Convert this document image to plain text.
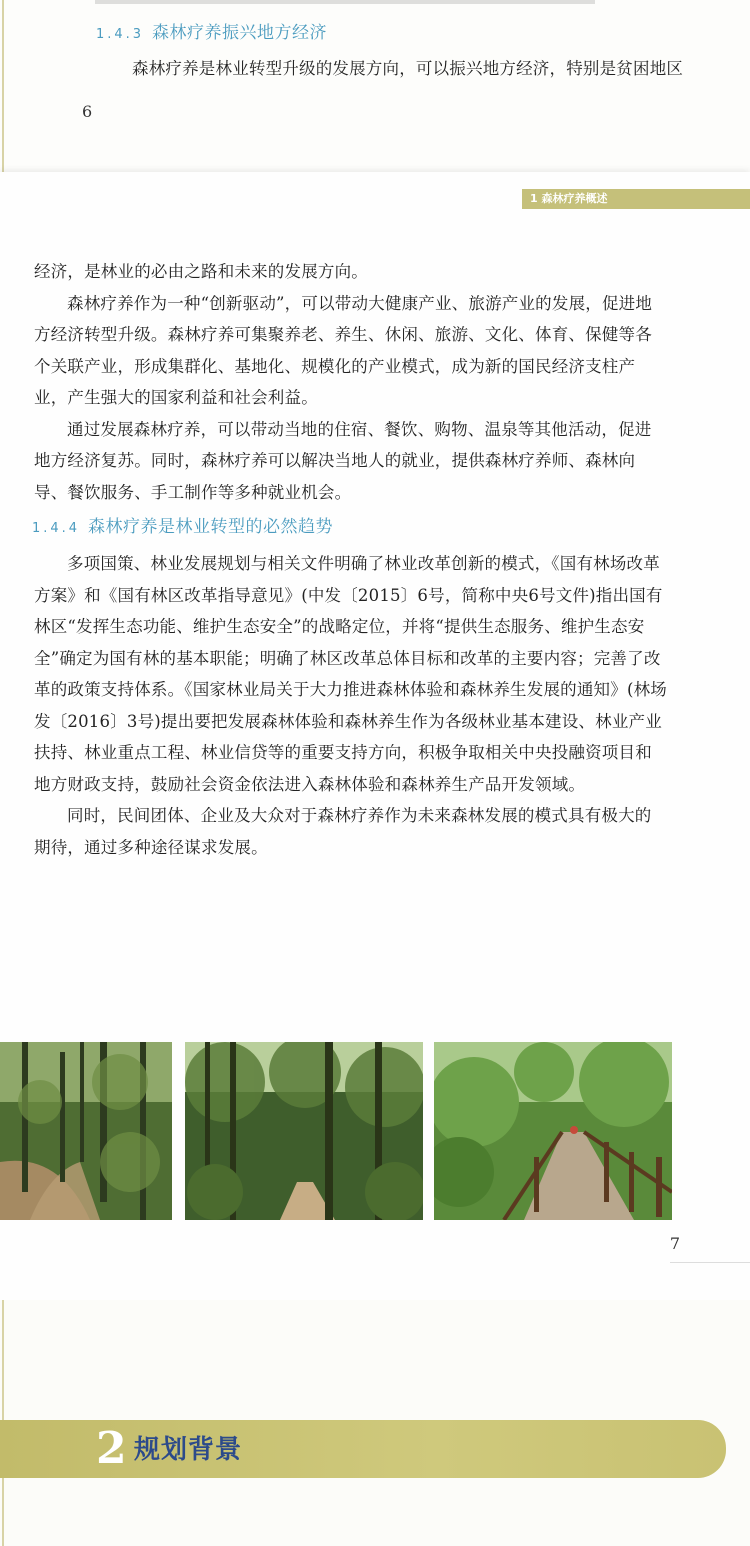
1.4.3 森林疗养振兴地方经济
森林疗养是林业转型升级的发展方向，可以振兴地方经济，特别是贫困地区
6
1 森林疗养概述

经济，是林业的必由之路和未来的发展方向。

森林疗养作为一种“创新驱动”，可以带动大健康产业、旅游产业的发展，促进地方经济转型升级。森林疗养可集聚养老、养生、休闲、旅游、文化、体育、保健等各个关联产业，形成集群化、基地化、规模化的产业模式，成为新的国民经济支柱产业，产生强大的国家利益和社会利益。

通过发展森林疗养，可以带动当地的住宿、餐饮、购物、温泉等其他活动，促进地方经济复苏。同时，森林疗养可以解决当地人的就业，提供森林疗养师、森林向导、餐饮服务、手工制作等多种就业机会。

1.4.4 森林疗养是林业转型的必然趋势

多项国策、林业发展规划与相关文件明确了林业改革创新的模式，《国有林场改革方案》和《国有林区改革指导意见》(中发〔2015〕6号，简称中央6号文件)指出国有林区“发挥生态功能、维护生态安全”的战略定位，并将“提供生态服务、维护生态安全”确定为国有林的基本职能；明确了林区改革总体目标和改革的主要内容；完善了改革的政策支持体系。《国家林业局关于大力推进森林体验和森林养生发展的通知》(林场发〔2016〕3号)提出要把发展森林体验和森林养生作为各级林业基本建设、林业产业扶持、林业重点工程、林业信贷等的重要支持方向，积极争取相关中央投融资项目和地方财政支持，鼓励社会资金依法进入森林体验和森林养生产品开发领域。

同时，民间团体、企业及大众对于森林疗养作为未来森林发展的模式具有极大的期待，通过多种途径谋求发展。

7
2 规划背景
